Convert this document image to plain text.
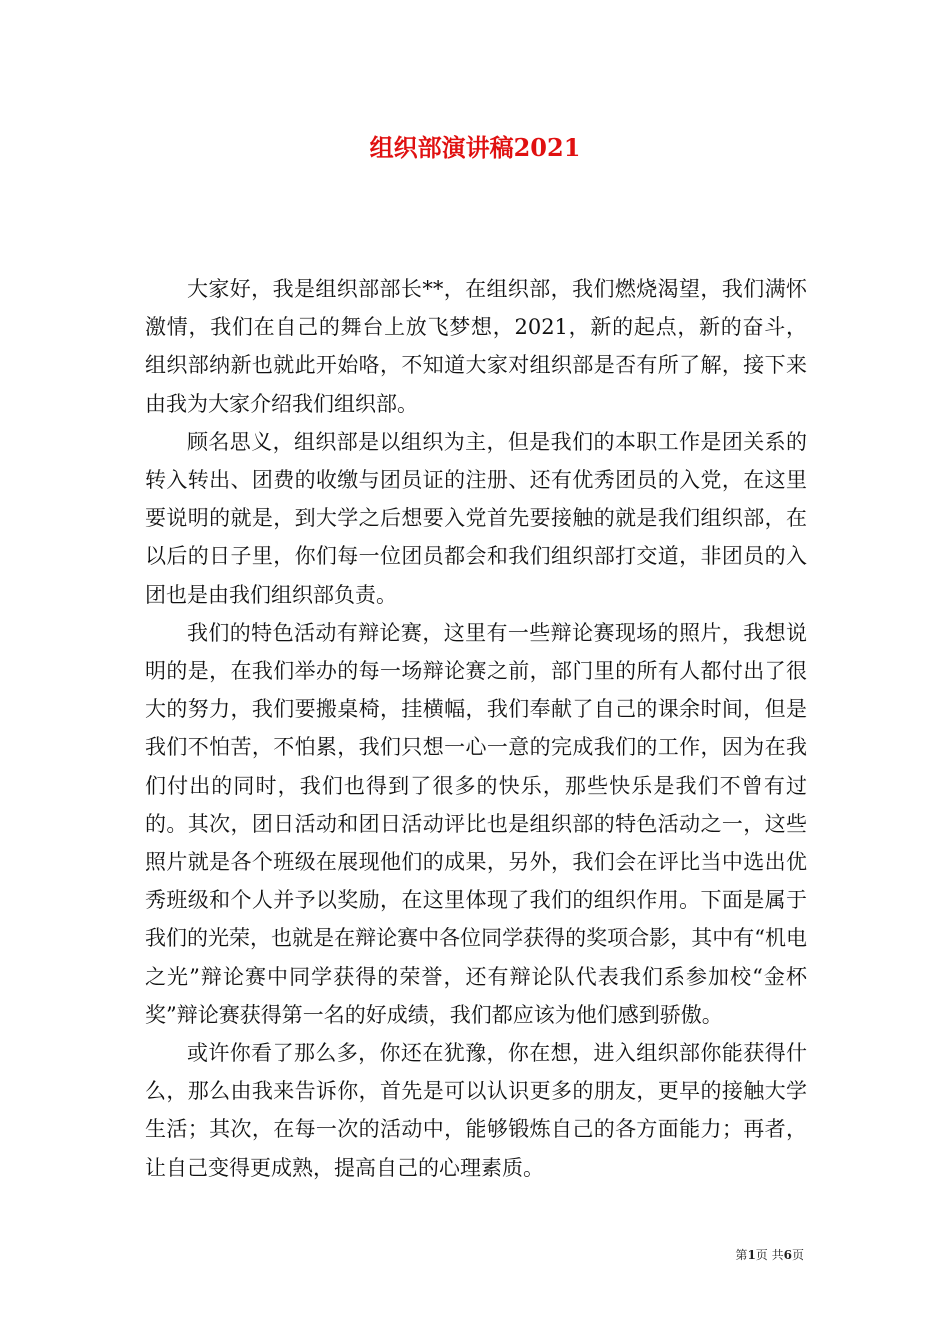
组织部演讲稿2021

大家好，我是组织部部长**，在组织部，我们燃烧渴望，我们满怀激情，我们在自己的舞台上放飞梦想，2021，新的起点，新的奋斗，组织部纳新也就此开始咯，不知道大家对组织部是否有所了解，接下来由我为大家介绍我们组织部。

顾名思义，组织部是以组织为主，但是我们的本职工作是团关系的转入转出、团费的收缴与团员证的注册、还有优秀团员的入党，在这里要说明的就是，到大学之后想要入党首先要接触的就是我们组织部，在以后的日子里，你们每一位团员都会和我们组织部打交道，非团员的入团也是由我们组织部负责。

我们的特色活动有辩论赛，这里有一些辩论赛现场的照片，我想说明的是，在我们举办的每一场辩论赛之前，部门里的所有人都付出了很大的努力，我们要搬桌椅，挂横幅，我们奉献了自己的课余时间，但是我们不怕苦，不怕累，我们只想一心一意的完成我们的工作，因为在我们付出的同时，我们也得到了很多的快乐，那些快乐是我们不曾有过的。其次，团日活动和团日活动评比也是组织部的特色活动之一，这些照片就是各个班级在展现他们的成果，另外，我们会在评比当中选出优秀班级和个人并予以奖励，在这里体现了我们的组织作用。下面是属于我们的光荣，也就是在辩论赛中各位同学获得的奖项合影，其中有“机电之光”辩论赛中同学获得的荣誉，还有辩论队代表我们系参加校“金杯奖”辩论赛获得第一名的好成绩，我们都应该为他们感到骄傲。

或许你看了那么多，你还在犹豫，你在想，进入组织部你能获得什么，那么由我来告诉你，首先是可以认识更多的朋友，更早的接触大学生活；其次，在每一次的活动中，能够锻炼自己的各方面能力；再者，让自己变得更成熟，提高自己的心理素质。

第1页 共6页
